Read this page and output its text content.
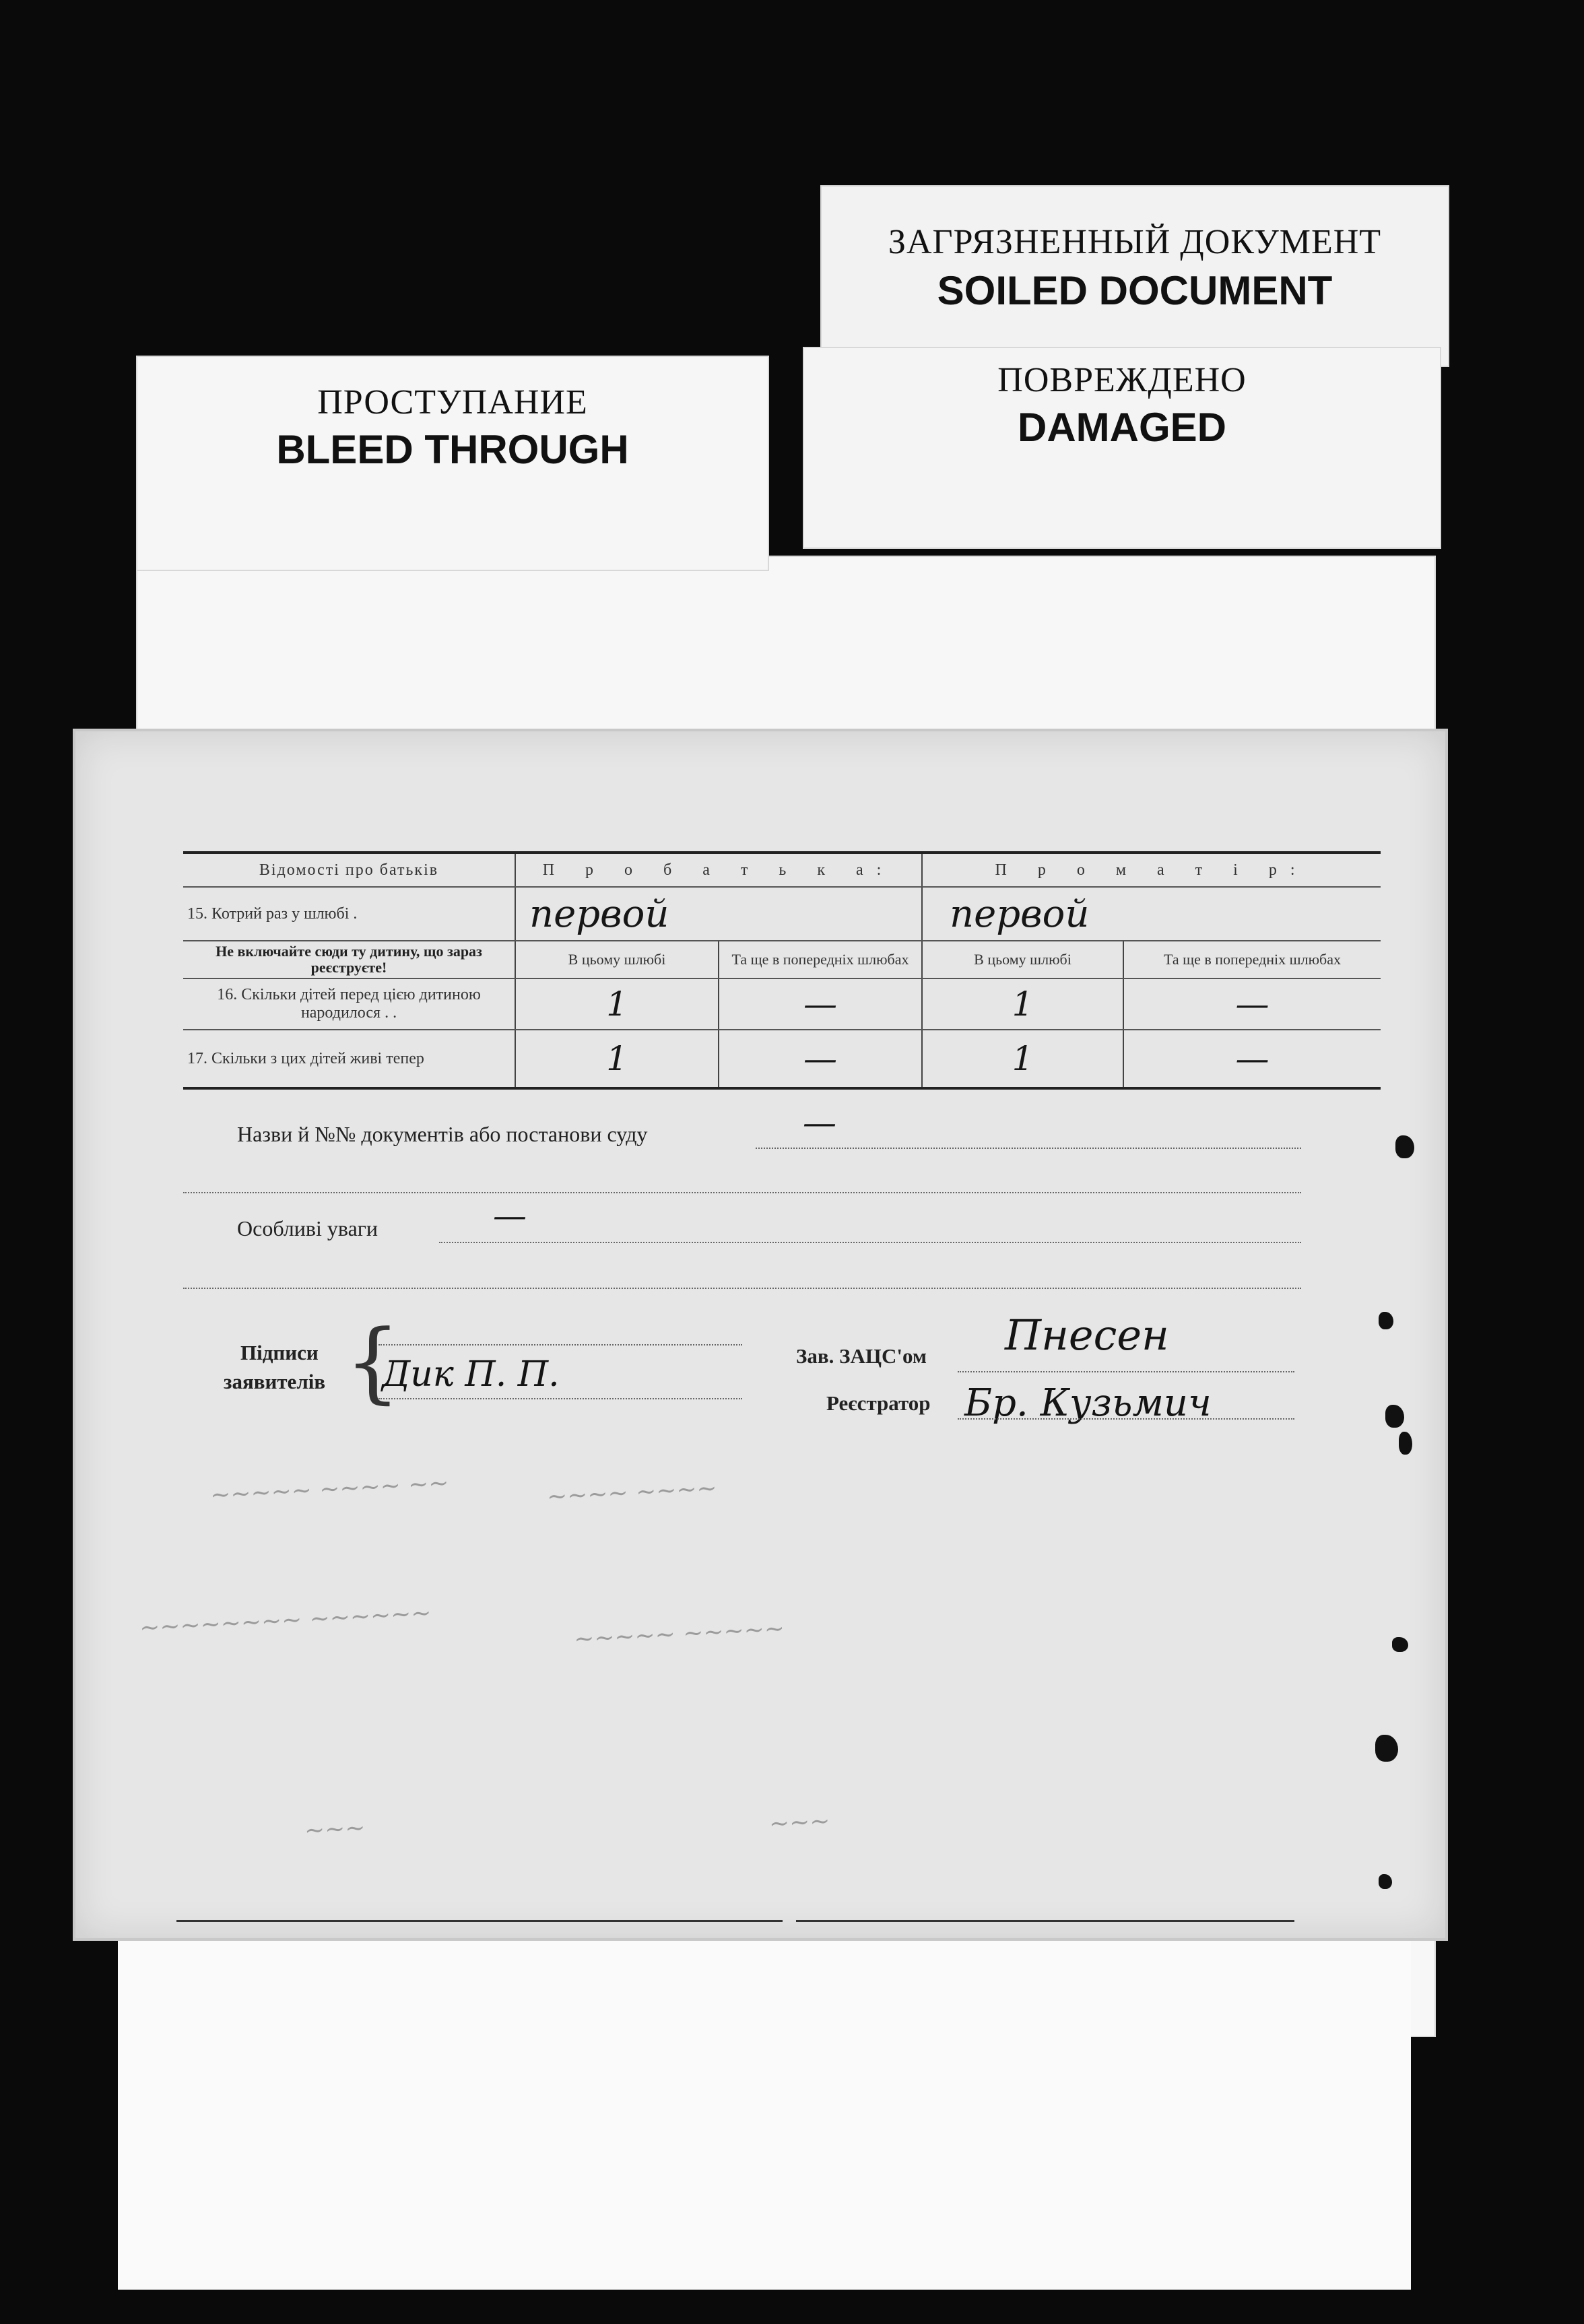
ЗАГРЯЗНЕННЫЙ ДОКУМЕНТ
SOILED DOCUMENT
ПРОСТУПАНИЕ
BLEED THROUGH
ПОВРЕЖДЕНО
DAMAGED
~~~~~ ~~~~ ~~	~~~~ ~~~~
~~~~~~~~ ~~~~~~	~~~~~ ~~~~~
~~~	~~~
Відомості про батьків	П р о б а т ь к а:		П р о м а т і р:	
15. Котрий раз у шлюбі .	первой		первой	
Не включайте сюди ту дитину, що зараз реєструєте!	В цьому шлюбі	Та ще в попередніх шлюбах	В цьому шлюбі	Та ще в попередніх шлюбах
16. Скільки дітей перед цією дитиною народилося . .	1	—	1	—
17. Скільки з цих дітей живі тепер	1	—	1	—
Назви й №№ документів або постанови суду	—
Особливі уваги	—
Підписи
заявителів {
Дик П. П.	Зав. ЗАЦС'ом Пнесен
Реєстратор Бр. Кузьмич
